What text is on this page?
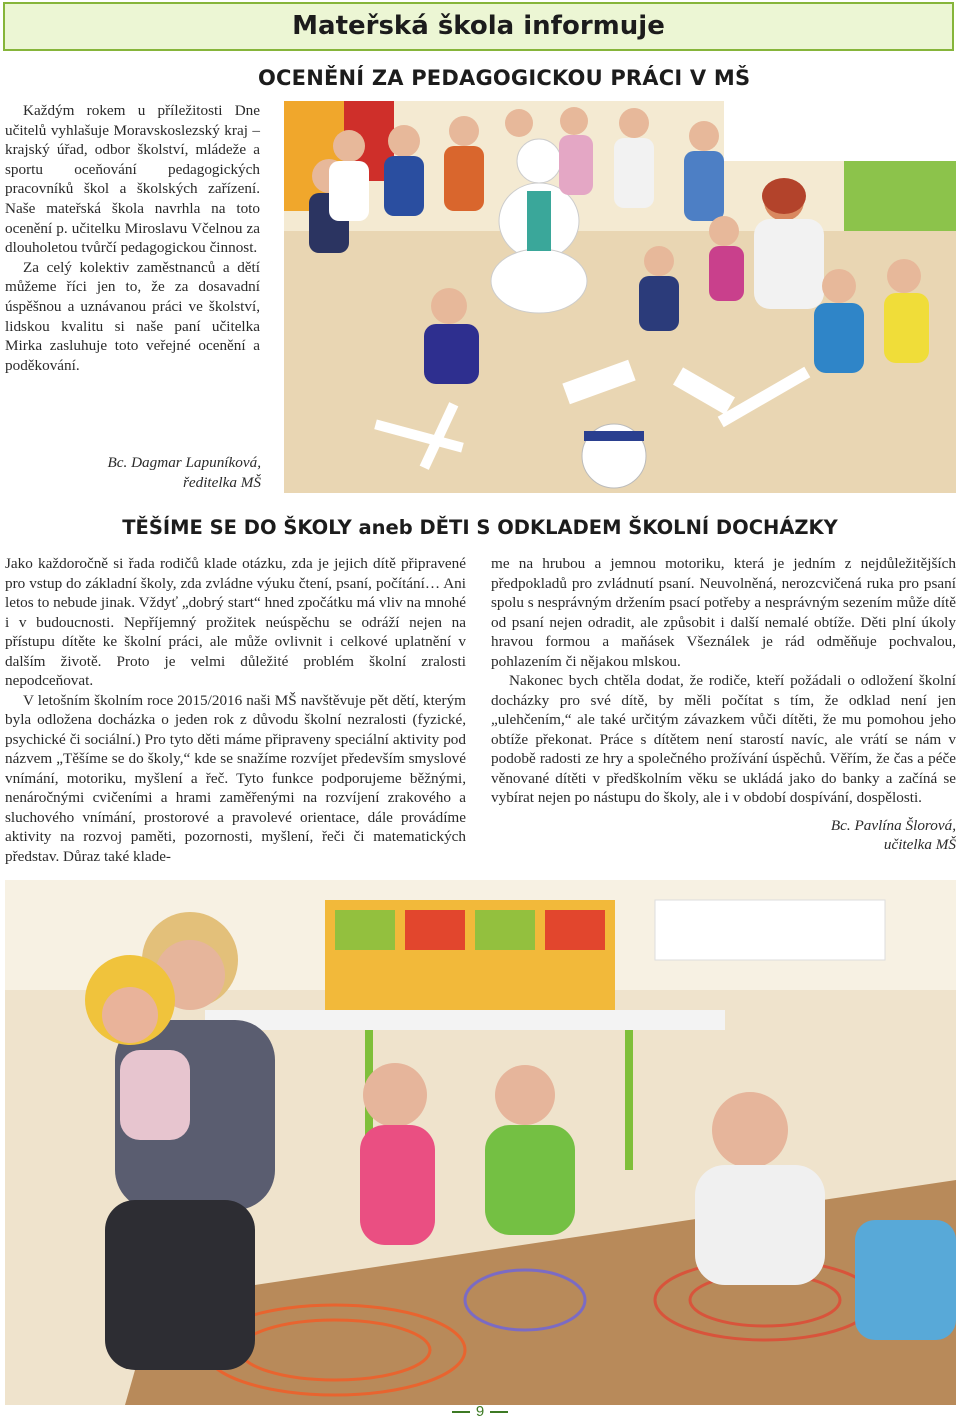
Mateřská škola informuje
OCENĚNÍ ZA PEDAGOGICKOU PRÁCI V MŠ

Každým rokem u příležitosti Dne učitelů vyhlašuje Moravskoslezský kraj – krajský úřad, odbor školství, mládeže a sportu oceňování pedagogických pracovníků škol a školských zařízení. Naše mateřská škola navrhla na toto ocenění p. učitelku Miroslavu Včelnou za dlouholetou tvůrčí pedagogickou činnost.

Za celý kolektiv zaměstnanců a dětí můžeme říci jen to, že za dosavadní úspěšnou a uznávanou práci ve školství, lidskou kvalitu si naše paní učitelka Mirka zasluhuje toto veřejné ocenění a poděkování.

Bc. Dagmar Lapuníková,
ředitelka MŠ
TĚŠÍME SE DO ŠKOLY aneb DĚTI S ODKLADEM ŠKOLNÍ DOCHÁZKY

Jako každoročně si řada rodičů klade otázku, zda je jejich dítě připravené pro vstup do základní školy, zda zvládne výuku čtení, psaní, počítání… Ani letos to nebude jinak. Vždyť „dobrý start“ hned zpočátku má vliv na mnohé i v budoucnosti. Nepříjemný prožitek neúspěchu se odráží nejen na přístupu dítěte ke školní práci, ale může ovlivnit i celkové uplatnění v dalším životě. Proto je velmi důležité problém školní zralosti nepodceňovat.

V letošním školním roce 2015/2016 naši MŠ navštěvuje pět dětí, kterým byla odložena docházka o jeden rok z důvodu školní nezralosti (fyzické, psychické či sociální.) Pro tyto děti máme připraveny speciální aktivity pod názvem „Těšíme se do školy,“ kde se snažíme rozvíjet především smyslové vnímání, motoriku, myšlení a řeč. Tyto funkce podporujeme běžnými, nenáročnými cvičeními a hrami zaměřenými na rozvíjení zrakového a sluchového vnímání, prostorové a pravolevé orientace, dále provádíme aktivity na rozvoj paměti, pozornosti, myšlení, řeči či matematických představ. Důraz také klade-

me na hrubou a jemnou motoriku, která je jedním z nejdůležitějších předpokladů pro zvládnutí psaní. Neuvolněná, nerozcvičená ruka pro psaní spolu s nesprávným držením psací potřeby a nesprávným sezením může dítě od psaní nejen odradit, ale způsobit i další nemalé obtíže. Děti plní úkoly hravou formou a maňásek Všeználek je rád odměňuje pochvalou, pohlazením či nějakou mlskou.

Nakonec bych chtěla dodat, že rodiče, kteří požádali o odložení školní docházky pro své dítě, by měli počítat s tím, že odklad není jen „ulehčením,“ ale také určitým závazkem vůči dítěti, že mu pomohou jeho obtíže překonat. Práce s dítětem není starostí navíc, ale vrátí se nám v podobě radosti ze hry a společného prožívání úspěchů. Věřím, že čas a péče věnované dítěti v předškolním věku se ukládá jako do banky a začíná se vybírat nejen po nástupu do školy, ale i v období dospívání, dospělosti.

Bc. Pavlína Šlorová,
učitelka MŠ
9
